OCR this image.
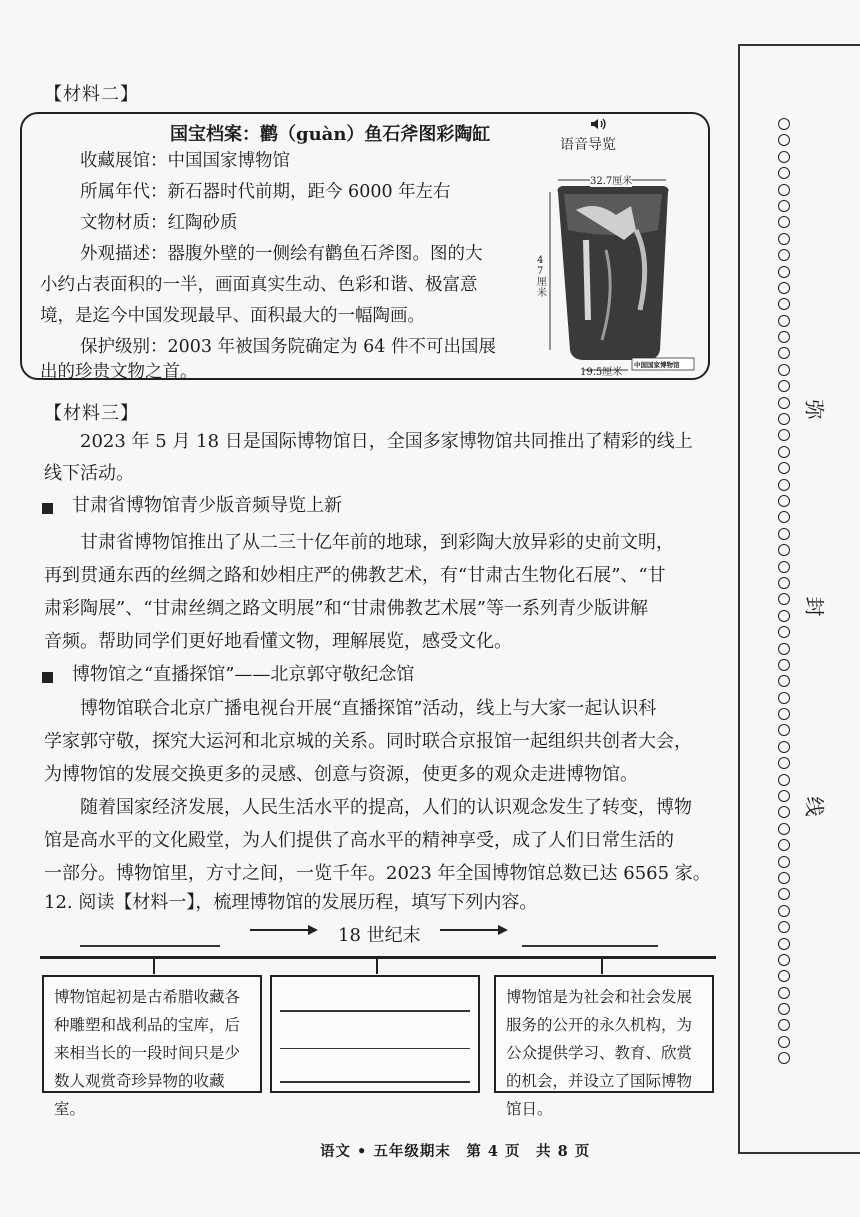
【材料二】
国宝档案：鹳（guàn）鱼石斧图彩陶缸	语音导览
收藏展馆：中国国家博物馆
所属年代：新石器时代前期，距今 6000 年左右
文物材质：红陶砂质
外观描述：器腹外壁的一侧绘有鹳鱼石斧图。图的大
小约占表面积的一半，画面真实生动、色彩和谐、极富意
境，是迄今中国发现最早、面积最大的一幅陶画。
保护级别：2003 年被国务院确定为 64 件不可出国展
出的珍贵文物之首。
32.7厘米
47厘米
19.5厘米
中国国家博物馆
【材料三】
2023 年 5 月 18 日是国际博物馆日，全国多家博物馆共同推出了精彩的线上
线下活动。
甘肃省博物馆青少版音频导览上新
甘肃省博物馆推出了从二三十亿年前的地球，到彩陶大放异彩的史前文明，
再到贯通东西的丝绸之路和妙相庄严的佛教艺术，有“甘肃古生物化石展”、“甘
肃彩陶展”、“甘肃丝绸之路文明展”和“甘肃佛教艺术展”等一系列青少版讲解
音频。帮助同学们更好地看懂文物，理解展览，感受文化。
博物馆之“直播探馆”——北京郭守敬纪念馆
博物馆联合北京广播电视台开展“直播探馆”活动，线上与大家一起认识科
学家郭守敬，探究大运河和北京城的关系。同时联合京报馆一起组织共创者大会，
为博物馆的发展交换更多的灵感、创意与资源，使更多的观众走进博物馆。
随着国家经济发展，人民生活水平的提高，人们的认识观念发生了转变，博物
馆是高水平的文化殿堂，为人们提供了高水平的精神享受，成了人们日常生活的
一部分。博物馆里，方寸之间，一览千年。2023 年全国博物馆总数已达 6565 家。
12. 阅读【材料一】，梳理博物馆的发展历程，填写下列内容。
18 世纪末
博物馆起初是古希腊收藏各种雕塑和战利品的宝库，后来相当长的一段时间只是少数人观赏奇珍异物的收藏室。
博物馆是为社会和社会发展服务的公开的永久机构，为公众提供学习、教育、欣赏的机会，并设立了国际博物馆日。
弥
封
线
语文 • 五年级期末　第 4 页　共 8 页
